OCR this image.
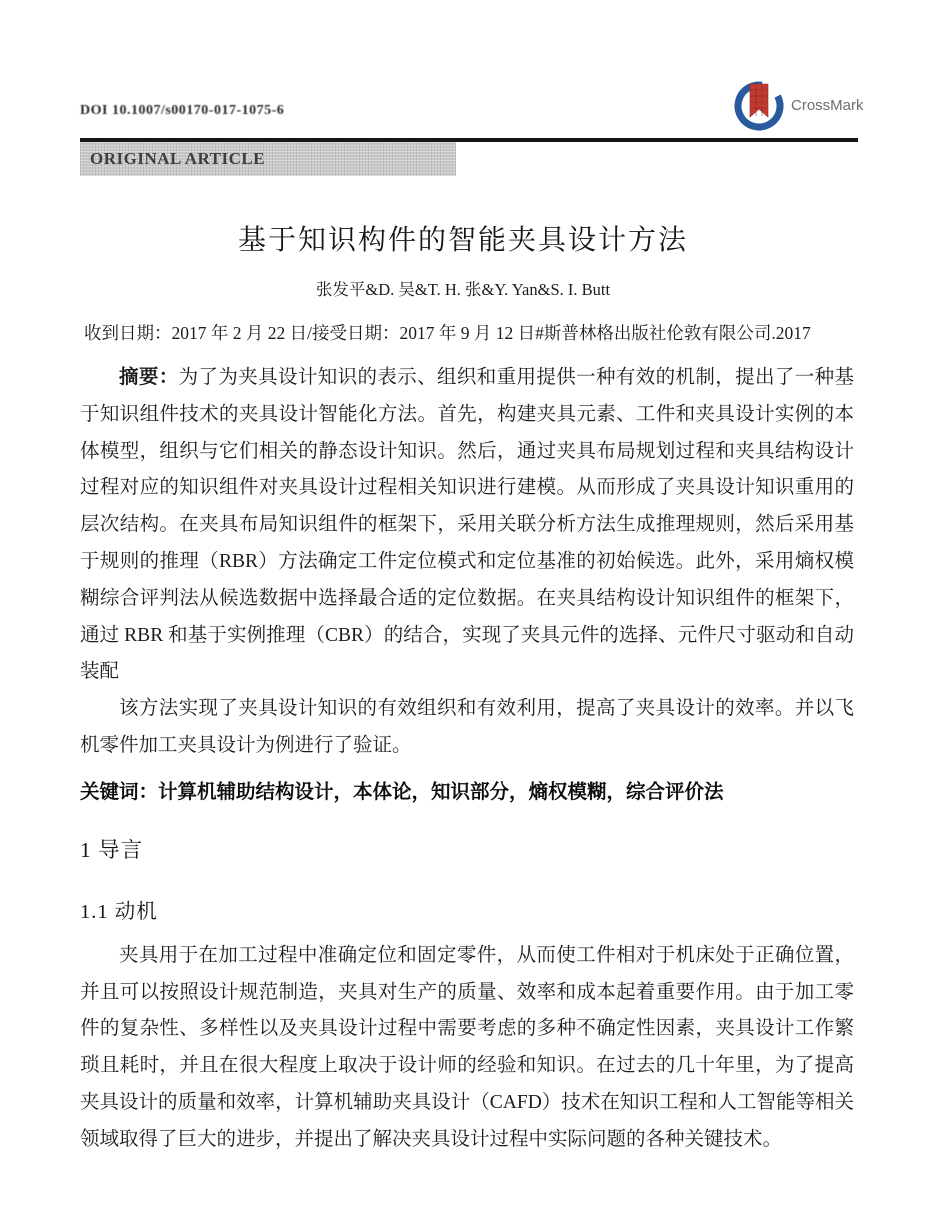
DOI 10.1007/s00170-017-1075-6	CrossMark
ORIGINAL ARTICLE
基于知识构件的智能夹具设计方法
张发平&D. 吴&T. H. 张&Y. Yan&S. I. Butt
收到日期：2017 年 2 月 22 日/接受日期：2017 年 9 月 12 日#斯普林格出版社伦敦有限公司.2017

摘要：为了为夹具设计知识的表示、组织和重用提供一种有效的机制，提出了一种基于知识组件技术的夹具设计智能化方法。首先，构建夹具元素、工件和夹具设计实例的本体模型，组织与它们相关的静态设计知识。然后，通过夹具布局规划过程和夹具结构设计过程对应的知识组件对夹具设计过程相关知识进行建模。从而形成了夹具设计知识重用的层次结构。在夹具布局知识组件的框架下，采用关联分析方法生成推理规则，然后采用基于规则的推理（RBR）方法确定工件定位模式和定位基准的初始候选。此外，采用熵权模糊综合评判法从候选数据中选择最合适的定位数据。在夹具结构设计知识组件的框架下，通过 RBR 和基于实例推理（CBR）的结合，实现了夹具元件的选择、元件尺寸驱动和自动装配

该方法实现了夹具设计知识的有效组织和有效利用，提高了夹具设计的效率。并以飞机零件加工夹具设计为例进行了验证。

关键词：计算机辅助结构设计，本体论，知识部分，熵权模糊，综合评价法
1 导言
1.1 动机

夹具用于在加工过程中准确定位和固定零件，从而使工件相对于机床处于正确位置，并且可以按照设计规范制造，夹具对生产的质量、效率和成本起着重要作用。由于加工零件的复杂性、多样性以及夹具设计过程中需要考虑的多种不确定性因素，夹具设计工作繁琐且耗时，并且在很大程度上取决于设计师的经验和知识。在过去的几十年里，为了提高夹具设计的质量和效率，计算机辅助夹具设计（CAFD）技术在知识工程和人工智能等相关领域取得了巨大的进步，并提出了解决夹具设计过程中实际问题的各种关键技术。
